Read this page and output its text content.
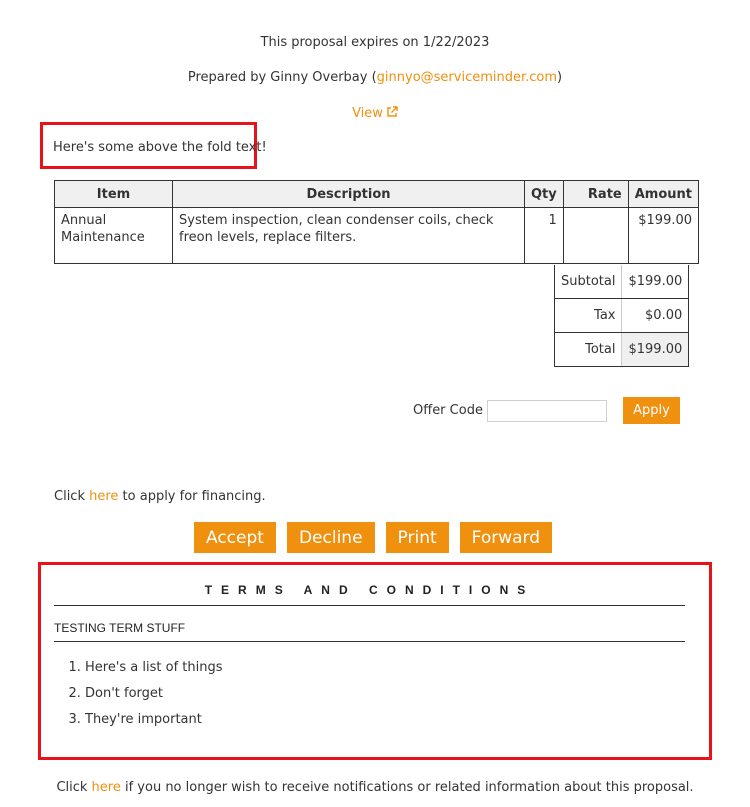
This proposal expires on 1/22/2023
Prepared by Ginny Overbay (ginnyo@serviceminder.com)
View
Here's some above the fold text!
Item	Description	Qty	Rate	Amount
Annual Maintenance	System inspection, clean condenser coils, check freon levels, replace filters.	1		$199.00
Subtotal	$199.00
Tax	$0.00
Total	$199.00
Offer Code	Apply
Click here to apply for financing.
Accept	Decline	Print	Forward
TERMS AND CONDITIONS
TESTING TERM STUFF
1. Here's a list of things
2. Don't forget
3. They're important
Click here if you no longer wish to receive notifications or related information about this proposal.
